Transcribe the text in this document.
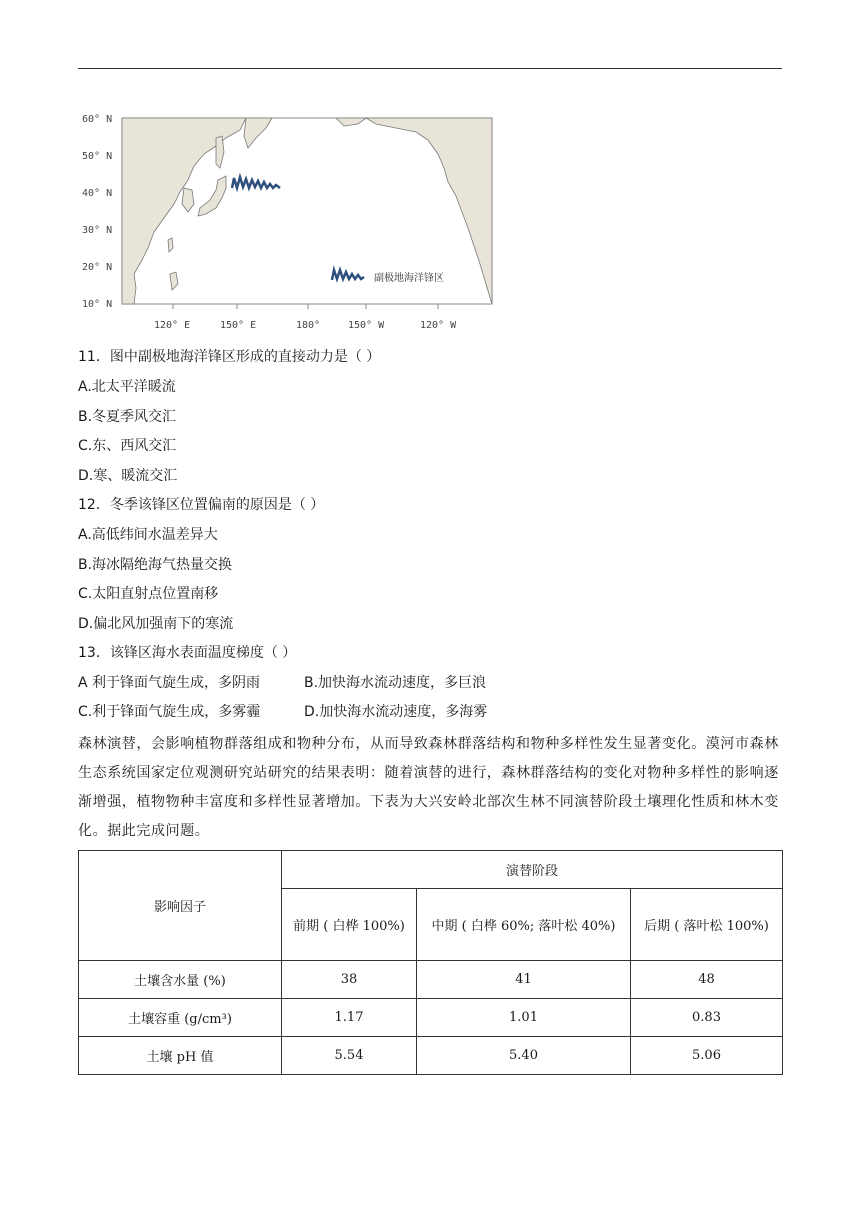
副极地海洋锋区
60° N
50° N
40° N
30° N
20° N
10° N
120° E	150° E	180°	150° W	120° W
11．图中副极地海洋锋区形成的直接动力是（ ）
A.北太平洋暖流
B.冬夏季风交汇
C.东、西风交汇
D.寒、暖流交汇
12．冬季该锋区位置偏南的原因是（ ）
A.高低纬间水温差异大
B.海冰隔绝海气热量交换
C.太阳直射点位置南移
D.偏北风加强南下的寒流
13．该锋区海水表面温度梯度（ ）
A 利于锋面气旋生成，多阴雨	B.加快海水流动速度，多巨浪
C.利于锋面气旋生成，多雾霾	D.加快海水流动速度，多海雾
森林演替，会影响植物群落组成和物种分布，从而导致森林群落结构和物种多样性发生显著变化。漠河市森林生态系统国家定位观测研究站研究的结果表明：随着演替的进行，森林群落结构的变化对物种多样性的影响逐渐增强，植物物种丰富度和多样性显著增加。下表为大兴安岭北部次生林不同演替阶段土壤理化性质和林木变化。据此完成问题。
影响因子	演替阶段		
	前期 ( 白桦 100%)	中期 ( 白桦 60%; 落叶松 40%)	后期 ( 落叶松 100%)
土壤含水量 (%)	38	41	48
土壤容重 (g/cm³)	1.17	1.01	0.83
土壤 pH 值	5.54	5.40	5.06
